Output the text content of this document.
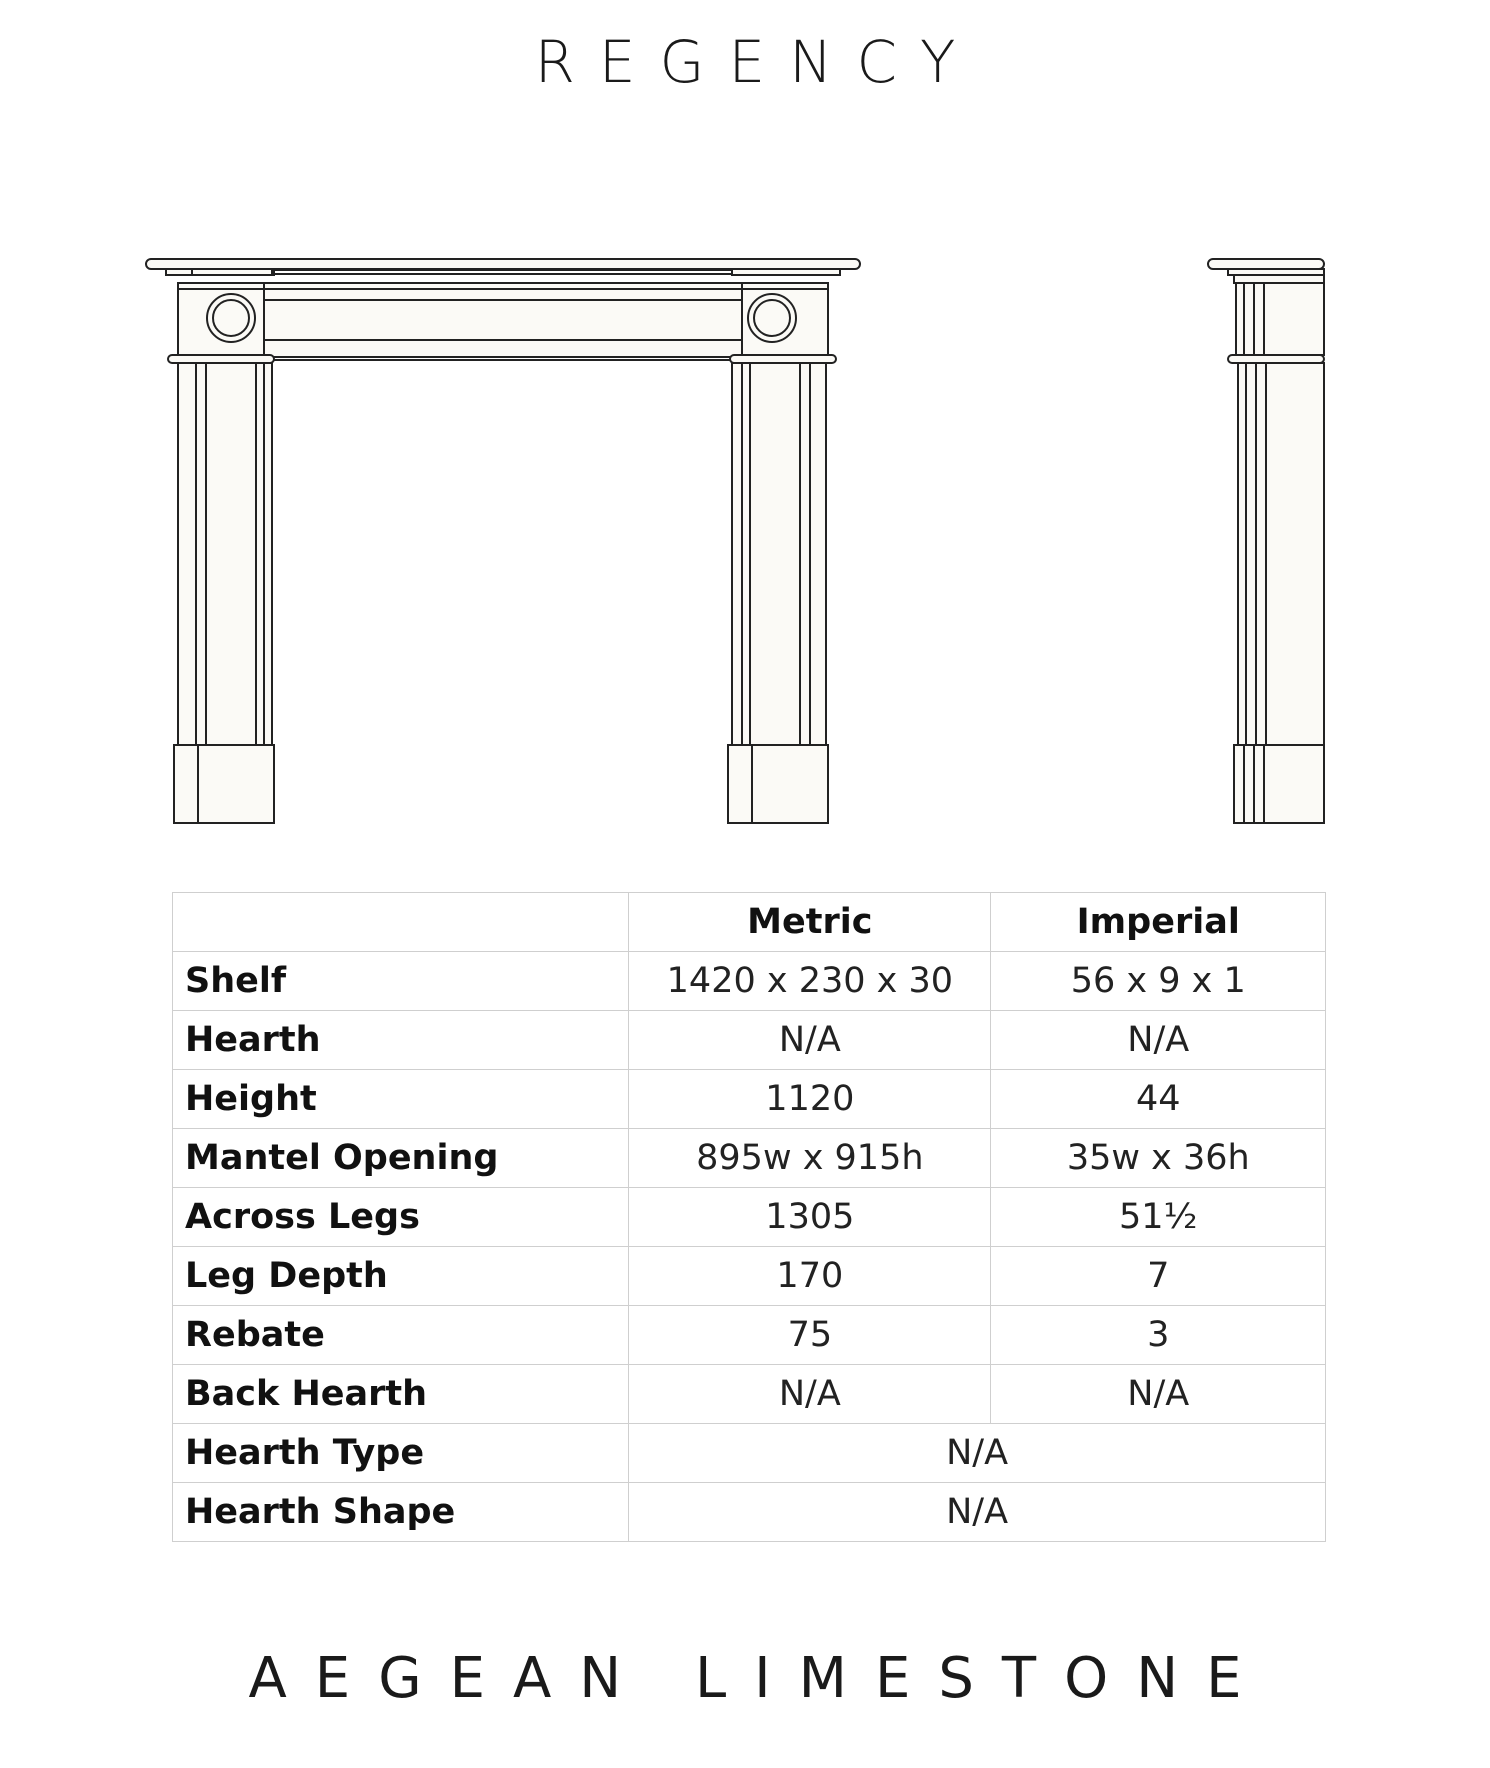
REGENCY
	Metric	Imperial
Shelf	1420 x 230 x 30	56 x 9 x 1
Hearth	N/A	N/A
Height	1120	44
Mantel Opening	895w x 915h	35w x 36h
Across Legs	1305	51½
Leg Depth	170	7
Rebate	75	3
Back Hearth	N/A	N/A
Hearth Type	N/A	
Hearth Shape	N/A	
AEGEAN LIMESTONE
